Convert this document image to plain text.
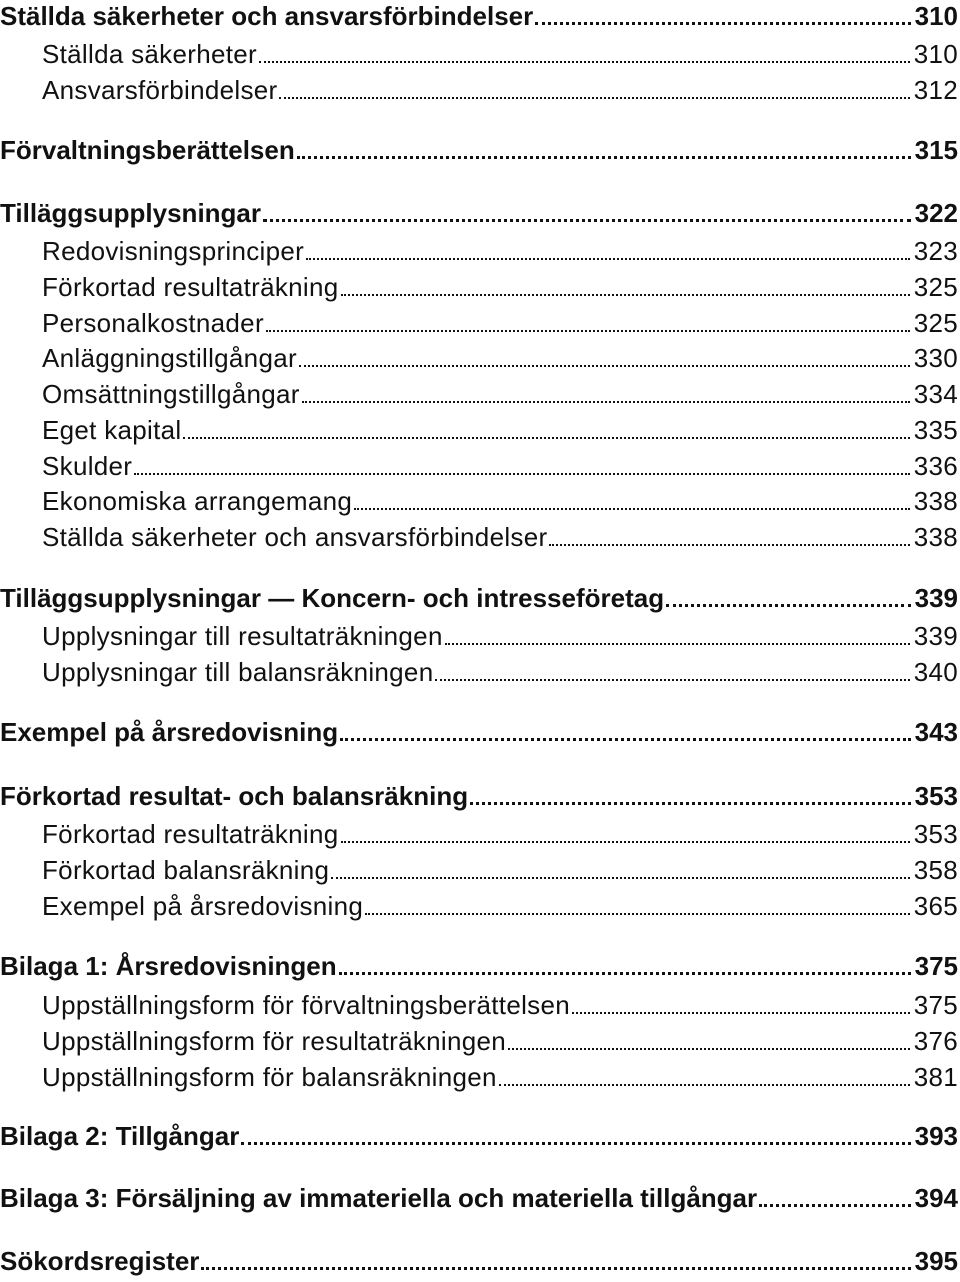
Ställda säkerheter och ansvarsförbindelser	310
Ställda säkerheter	310
Ansvarsförbindelser	312
Förvaltningsberättelsen	315
Tilläggsupplysningar	322
Redovisningsprinciper	323
Förkortad resultaträkning	325
Personalkostnader	325
Anläggningstillgångar	330
Omsättningstillgångar	334
Eget kapital	335
Skulder	336
Ekonomiska arrangemang	338
Ställda säkerheter och ansvarsförbindelser	338
Tilläggsupplysningar — Koncern- och intresseföretag	339
Upplysningar till resultaträkningen	339
Upplysningar till balansräkningen	340
Exempel på årsredovisning	343
Förkortad resultat- och balansräkning	353
Förkortad resultaträkning	353
Förkortad balansräkning	358
Exempel på årsredovisning	365
Bilaga 1: Årsredovisningen	375
Uppställningsform för förvaltningsberättelsen	375
Uppställningsform för resultaträkningen	376
Uppställningsform för balansräkningen	381
Bilaga 2: Tillgångar	393
Bilaga 3: Försäljning av immateriella och materiella tillgångar	394
Sökordsregister	395
